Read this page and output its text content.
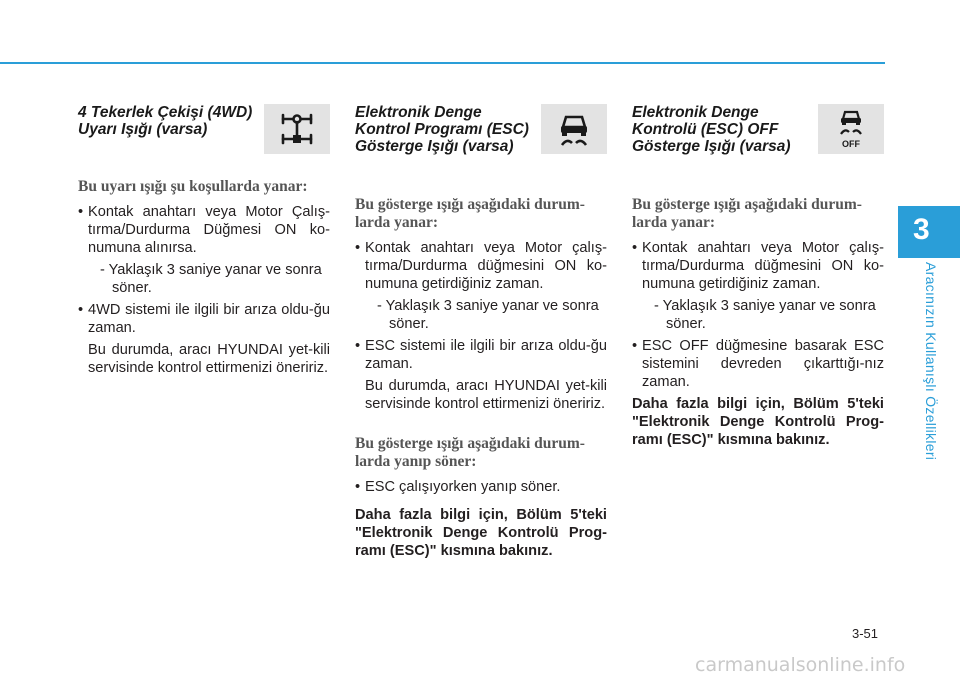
4 Tekerlek Çekişi (4WD) Uyarı Işığı (varsa)
Bu uyarı ışığı şu koşullarda yanar:
• Kontak anahtarı veya Motor Çalış-tırma/Durdurma Düğmesi ON ko-numuna alınırsa.
- Yaklaşık 3 saniye yanar ve sonra söner.
• 4WD sistemi ile ilgili bir arıza oldu-ğu zaman.
Bu durumda, aracı HYUNDAI yet-kili servisinde kontrol ettirmenizi öneririz.
Elektronik Denge Kontrol Programı (ESC) Gösterge Işığı (varsa)
Bu gösterge ışığı aşağıdaki durum-larda yanar:
• Kontak anahtarı veya Motor çalış-tırma/Durdurma düğmesini ON ko-numuna getirdiğiniz zaman.
- Yaklaşık 3 saniye yanar ve sonra söner.
• ESC sistemi ile ilgili bir arıza oldu-ğu zaman.
Bu durumda, aracı HYUNDAI yet-kili servisinde kontrol ettirmenizi öneririz.
Bu gösterge ışığı aşağıdaki durum-larda yanıp söner:
• ESC çalışıyorken yanıp söner.
Daha fazla bilgi için, Bölüm 5'teki "Elektronik Denge Kontrolü Prog-ramı (ESC)" kısmına bakınız.
Elektronik Denge Kontrolü (ESC) OFF Gösterge Işığı (varsa)	OFF
Bu gösterge ışığı aşağıdaki durum-larda yanar:
• Kontak anahtarı veya Motor çalış-tırma/Durdurma düğmesini ON ko-numuna getirdiğiniz zaman.
- Yaklaşık 3 saniye yanar ve sonra söner.
• ESC OFF düğmesine basarak ESC sistemini devreden çıkarttığı-nız zaman.
Daha fazla bilgi için, Bölüm 5'teki "Elektronik Denge Kontrolü Prog-ramı (ESC)" kısmına bakınız.
3
Aracınızın Kullanışlı Özellikleri
3-51
carmanualsonline.info
